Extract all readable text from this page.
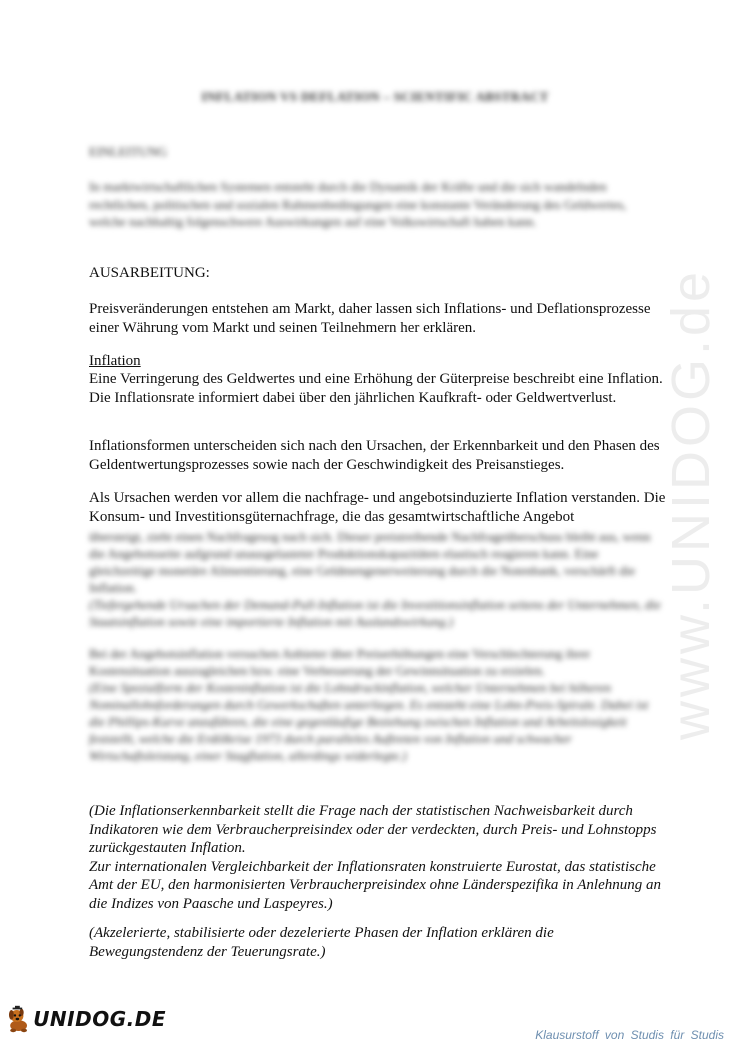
www.UNIDOG.de
INFLATION VS DEFLATION – SCIENTIFIC ABSTRACT
EINLEITUNG
In marktwirtschaftlichen Systemen entsteht durch die Dynamik der Kräfte und die sich wandelnden rechtlichen, politischen und sozialen Rahmenbedingungen eine konstante Veränderung des Geldwertes, welche nachhaltig folgenschwere Auswirkungen auf eine Volkswirtschaft haben kann.
AUSARBEITUNG:
Preisveränderungen entstehen am Markt, daher lassen sich Inflations- und Deflationsprozesse einer Währung vom Markt und seinen Teilnehmern her erklären.
Inflation
Eine Verringerung des Geldwertes und eine Erhöhung der Güterpreise beschreibt eine Inflation. Die Inflationsrate informiert dabei über den jährlichen Kaufkraft- oder Geldwertverlust.
Inflationsformen unterscheiden sich nach den Ursachen, der Erkennbarkeit und den Phasen des Geldentwertungsprozesses sowie nach der Geschwindigkeit des Preisanstieges.
Als Ursachen werden vor allem die nachfrage- und angebotsinduzierte Inflation verstanden. Die Konsum- und Investitionsgüternachfrage, die das gesamtwirtschaftliche Angebot

übersteigt, zieht einen Nachfragesog nach sich. Dieser preistreibende Nachfrageüberschuss bleibt aus, wenn die Angebotsseite aufgrund unausgelasteter Produktionskapazitäten elastisch reagieren kann. Eine gleichzeitige monetäre Alimentierung, eine Geldmengenerweiterung durch die Notenbank, verschärft die Inflation.

(Tiefergehende Ursachen der Demand-Pull-Inflation ist die Investitionsinflation seitens der Unternehmen, die Staatsinflation sowie eine importierte Inflation mit Auslandswirkung.)

Bei der Angebotsinflation versuchen Anbieter über Preiserhöhungen eine Verschlechterung ihrer Kostensituation auszugleichen bzw. eine Verbesserung der Gewinnsituation zu erzielen.

(Eine Spezialform der Kosteninflation ist die Lohndruckinflation, welcher Unternehmen bei höheren Nominallohnforderungen durch Gewerkschaften unterliegen. Es entsteht eine Lohn-Preis-Spirale. Dabei ist die Phillips-Kurve anzuführen, die eine gegenläufige Beziehung zwischen Inflation und Arbeitslosigkeit feststellt, welche die Erdölkrise 1973 durch paralleles Auftreten von Inflation und schwacher Wirtschaftsleistung, einer Stagflation, allerdings widerlegte.)

(Die Inflationserkennbarkeit stellt die Frage nach der statistischen Nachweisbarkeit durch Indikatoren wie dem Verbraucherpreisindex oder der verdeckten, durch Preis- und Lohnstopps zurückgestauten Inflation.

Zur internationalen Vergleichbarkeit der Inflationsraten konstruierte Eurostat, das statistische Amt der EU, den harmonisierten Verbraucherpreisindex ohne Länderspezifika in Anlehnung an die Indizes von Paasche und Laspeyres.)

(Akzelerierte, stabilisierte oder dezelerierte Phasen der Inflation erklären die Bewegungstendenz der Teuerungsrate.)
UNIDOG.DE
Klausurstoff von Studis für Studis
